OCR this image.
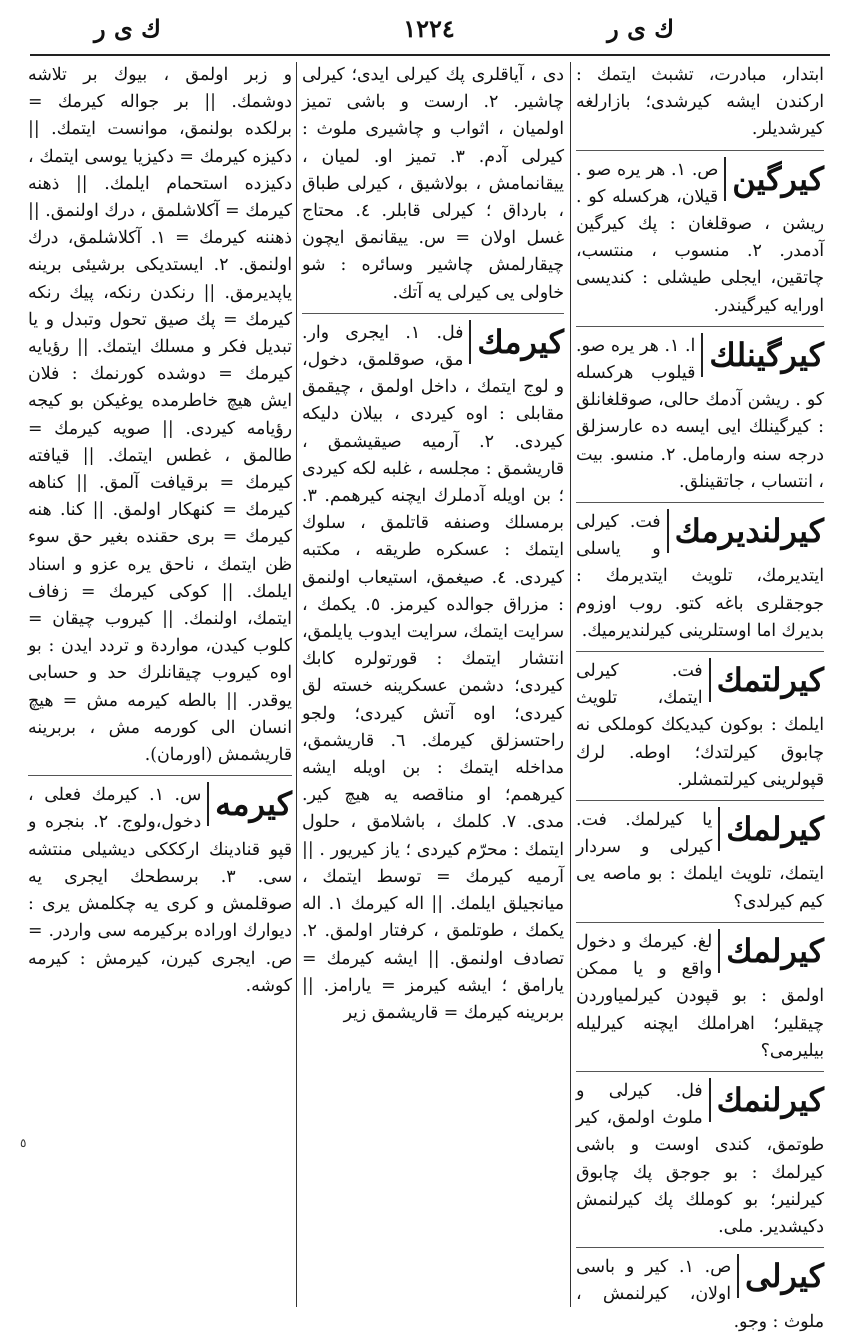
ك ى ر
١٢٢٤
ك ى ر
ابتدار، مبادرت، تشبث ایتمك : ارکندن ایشه کیرشدی؛ بازارلغه کیرشدیلر.
کیرگین
ص. ١. هر یره صو . قیلان، هرکسله کو . ریشن ، صوقلغان : پك کیرگین آدمدر. ٢. منسوب ، منتسب، چاتقین، ایجلی طیشلی : کندیسی اورایه کیرگیندر.
کیرگینلك
ا. ١. هر یره صو. قیلوب هرکسله کو . ریشن آدمك حالی، صوقلغانلق : کیرگینلك ایی ایسه ده عارسزلق درجه سنه وارمامل. ٢. منسو. بیت ، انتساب ، جاتقینلق.
کیرلندیرمك
فت. کیرلی و یاسلی ایتدیرمك، تلویث ایتدیرمك : جوجقلری باغه کتو. روب اوزوم بدیرك اما اوستلرینی کیرلندیرمیك.
کیرلتمك
فت. کیرلی ایتمك، تلویث ایلمك : بوکون کیدیکك کوملکی نه چابوق کیرلتدك؛ اوطه. لرك قپولرینی کیرلتمشلر.
کیرلمك
یا کیرلمك. فت. کیرلی و سردار ایتمك، تلویث ایلمك : بو ماصه یی کیم کیرلدی؟
کیرلمك
لغ. کیرمك و دخول واقع و یا ممکن اولمق : بو قپودن کیرلمیاوردن چیقلیر؛ اهراملك ایچنه کیرلیله بیلیرمی؟
کیرلنمك
فل. کیرلی و ملوث اولمق، کیر طوتمق، کندی اوست و باشی کیرلمك : بو جوجق پك چابوق کیرلنیر؛ بو کوملك پك کیرلنمش دکیشدیر. ملی.
کیرلی
ص. ١. کیر و باسی اولان، کیرلنمش ، ملوث : وجو.
دی ، آیاقلری پك کیرلی ایدی؛ کیرلی چاشیر. ٢. ارست و باشی تمیز اولمیان ، اثواب و چاشیری ملوث : کیرلی آدم. ٣. تمیز او. لمیان ، ییقانمامش ، بولاشیق ، کیرلی طباق ، بارداق ؛ کیرلی قابلر. ٤. محتاج غسل اولان = س. ییقانمق ایچون چیقارلمش چاشیر وسائره : شو خاولی یی کیرلی یه آتك.
کیرمك
فل. ١. ایجری وار. مق، صوقلمق، دخول، و لوج ایتمك ، داخل اولمق ، چیقمق مقابلی : اوه کیردی ، بیلان دلیکه کیردی. ٢. آرمیه صیقیشمق ، قاریشمق : مجلسه ، غلبه لکه کیردی ؛ بن اویله آدملرك ایچنه کیرهمم. ٣. برمسلك وصنفه قاتلمق ، سلوك ایتمك : عسکره طریقه ، مکتبه کیردی. ٤. صیغمق، استیعاب اولنمق : مزراق جوالده کیرمز. ٥. یکمك ، سرایت ایتمك، سرایت ایدوب یایلمق، انتشار ایتمك : قورتولره کابك کیردی؛ دشمن عسکرینه خسته لق کیردی؛ اوه آتش کیردی؛ ولجو راحتسزلق کیرمك. ٦. قاریشمق، مداخله ایتمك : بن اویله ایشه کیرهمم؛ او مناقصه یه هیچ کیر. مدی. ٧. کلمك ، باشلامق ، حلول ایتمك : محرّم کیردی ؛ یاز کیریور . || آرمیه کیرمك = توسط ایتمك ، میانجیلق ایلمك. || اله کیرمك ١. اله یكمك ، طوتلمق ، کرفتار اولمق. ٢. تصادف اولنمق. || ایشه کیرمك = یارامق ؛ ایشه کیرمز = یارامز. || بربرینه کیرمك = قاریشمق زیر
و زبر اولمق ، بیوك بر تلاشه دوشمك. || بر جواله کیرمك = برلکده بولنمق، موانست ایتمك. || دکیزه کیرمك = دکیزیا یوسی ایتمك ، دکیزده استحمام ایلمك. || ذهنه کیرمك = آکلاشلمق ، درك اولنمق. || ذهننه کیرمك = ١. آکلاشلمق، درك اولنمق. ٢. ایستدیکی برشیئی برینه یاپدیرمق. || رنکدن رنکه، پیك رنکه کیرمك = پك صیق تحول وتبدل و یا تبدیل فکر و مسلك ایتمك. || رؤیایه کیرمك = دوشده کورنمك : فلان ایش هیچ خاطرمده یوغیکن بو کیجه رؤیامه کیردی. || صویه کیرمك = طالمق ، غطس ایتمك. || قیافته کیرمك = برقیافت آلمق. || کناهه کیرمك = کنهکار اولمق. || کنا. هنه کیرمك = بری حقنده بغیر حق سوء ظن ایتمك ، ناحق یره عزو و اسناد ایلمك. || کوکی کیرمك = زفاف ایتمك، اولنمك. || کیروب چیقان = کلوب کیدن، مواردة و تردد ایدن : بو اوه کیروب چیقانلرك حد و حسابی یوقدر. || بالطه کیرمه مش = هیچ انسان الی کورمه مش ، بربرینه قاریشمش (اورمان).
کیرمه
س. ١. کیرمك فعلی ، دخول،ولوج. ٢. بنجره و قپو قنادینك ارکککی دیشیلی منتشه سی. ٣. برسطحك ایجری یه صوقلمش و کری یه چکلمش یری : دیوارك اوراده برکیرمه سی واردر. = ص. ایجری کیرن، کیرمش : کیرمه کوشه.
٥
